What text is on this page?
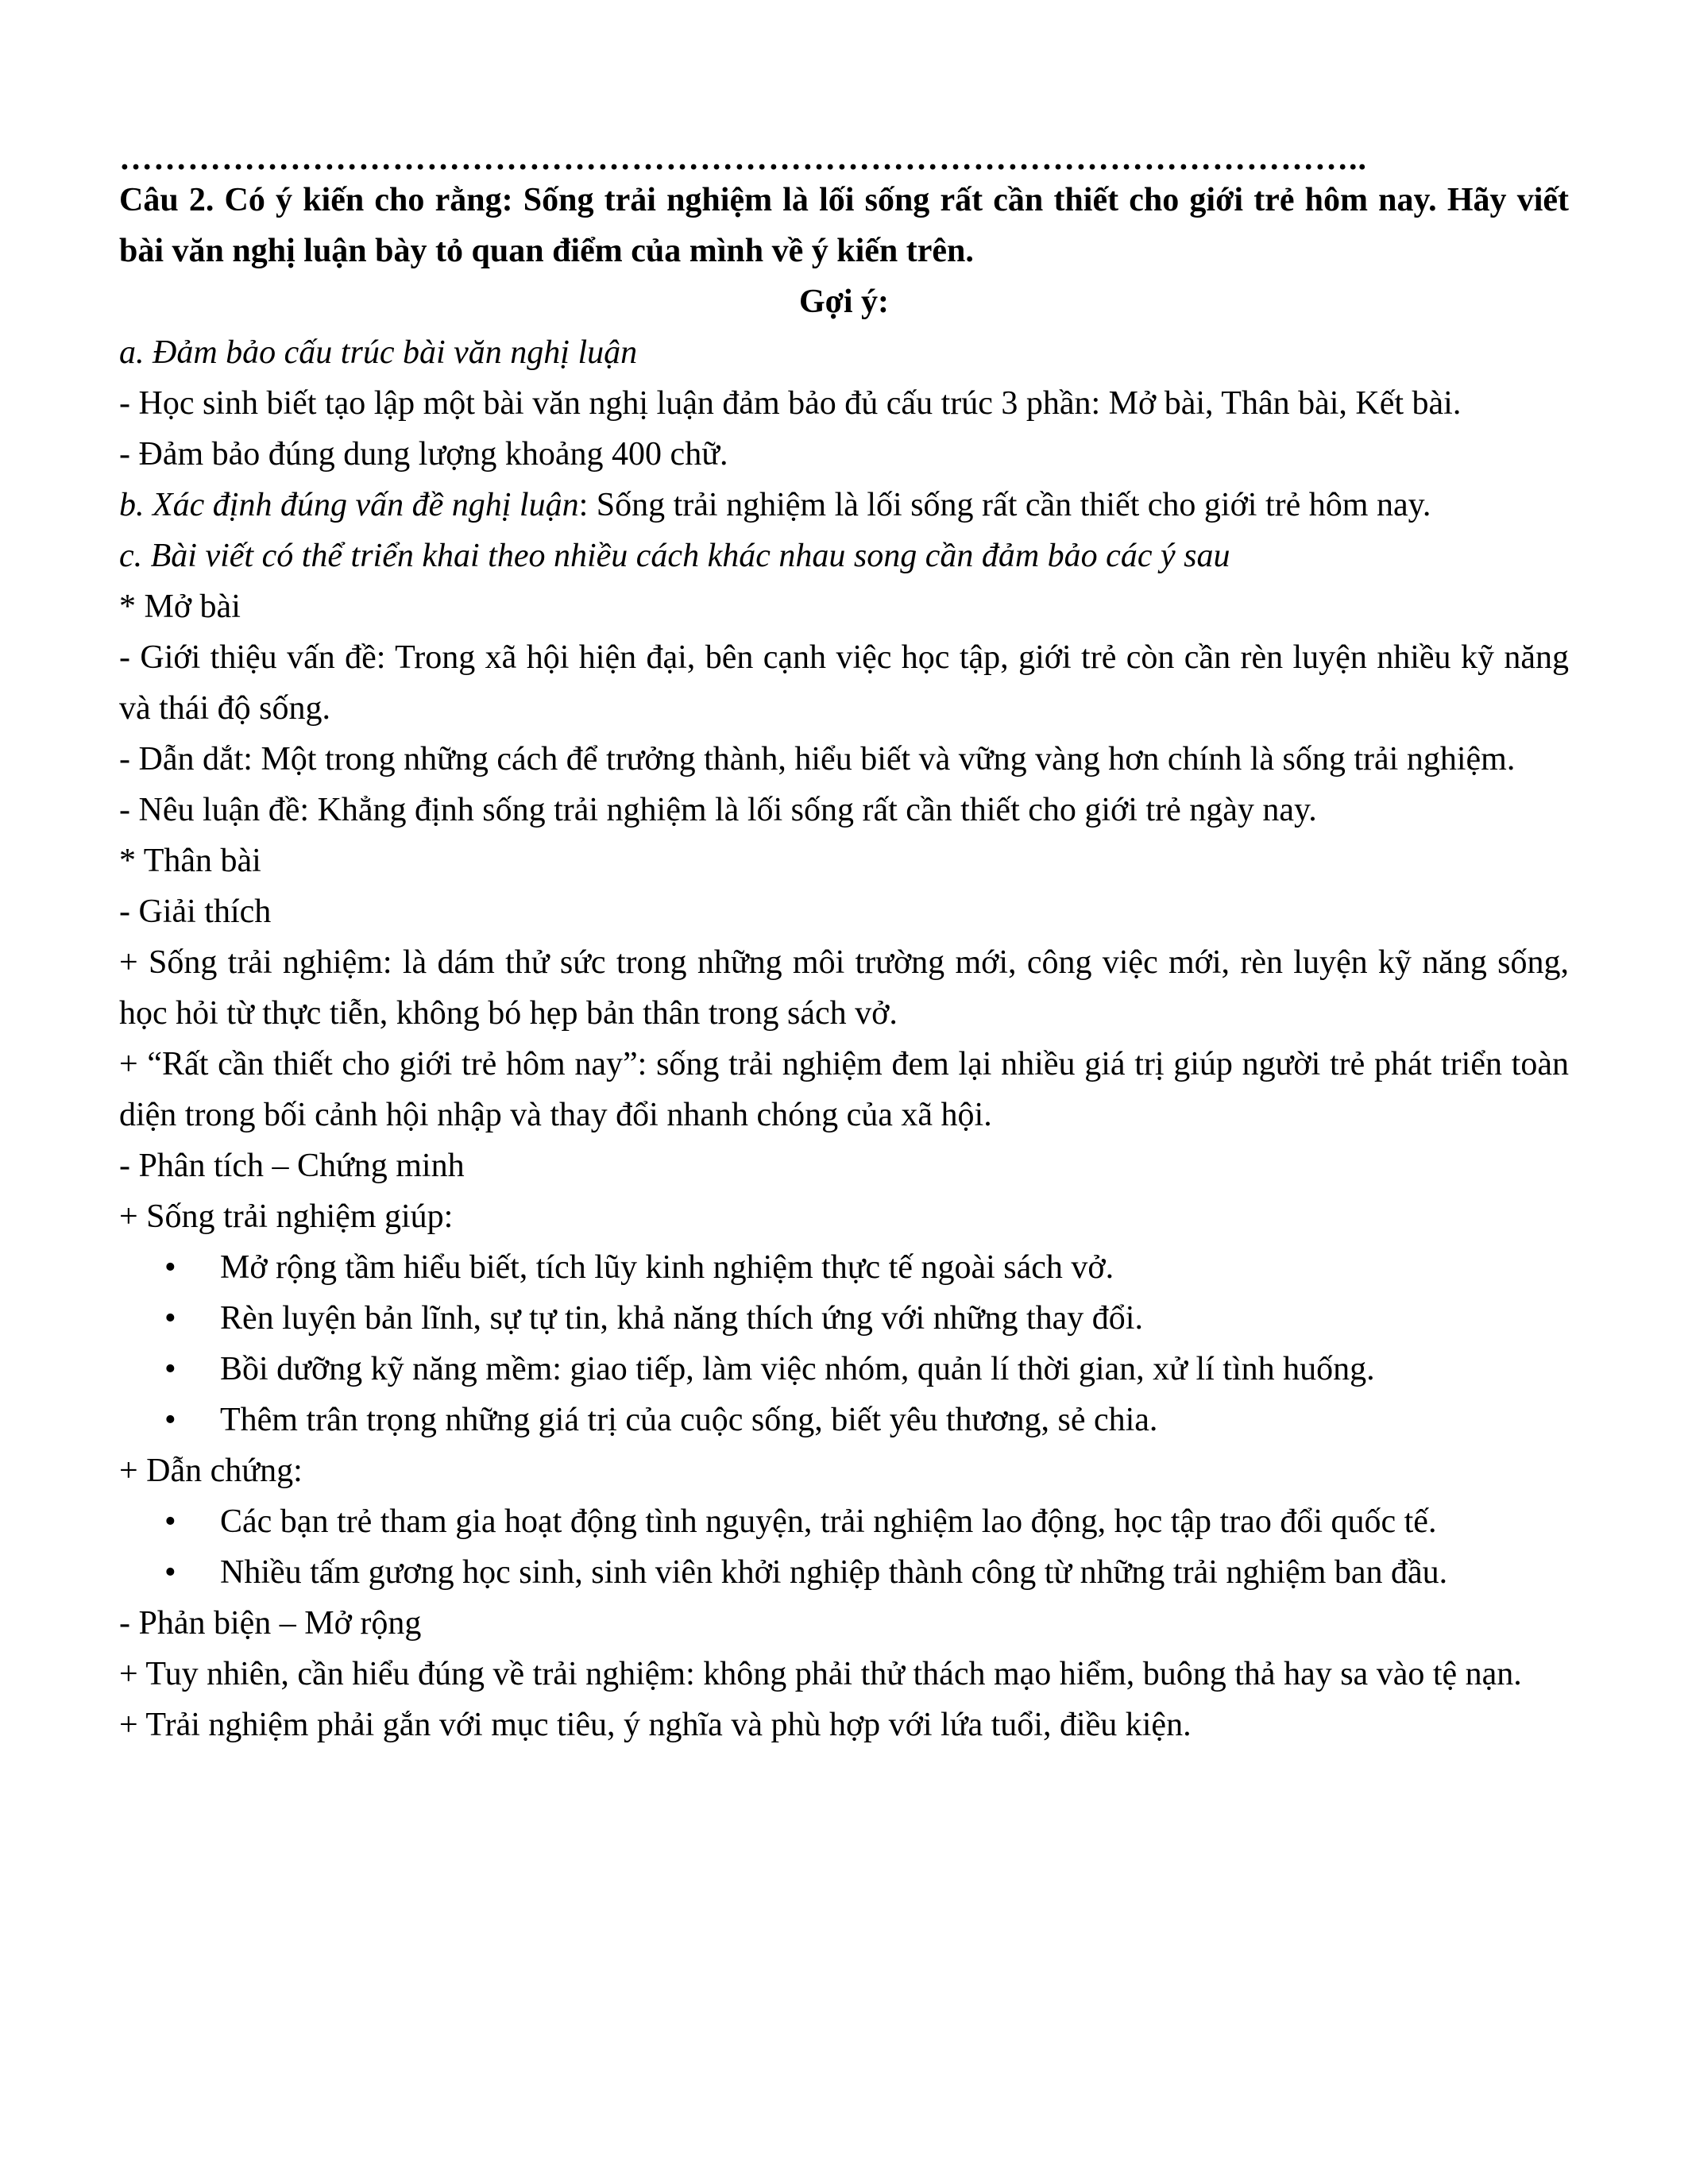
………………………………………………………………………………………………..

Câu 2. Có ý kiến cho rằng: Sống trải nghiệm là lối sống rất cần thiết cho giới trẻ hôm nay. Hãy viết bài văn nghị luận bày tỏ quan điểm của mình về ý kiến trên.

Gợi ý:

a. Đảm bảo cấu trúc bài văn nghị luận

- Học sinh biết tạo lập một bài văn nghị luận đảm bảo đủ cấu trúc 3 phần: Mở bài, Thân bài, Kết bài.

- Đảm bảo đúng dung lượng khoảng 400 chữ.

b. Xác định đúng vấn đề nghị luận: Sống trải nghiệm là lối sống rất cần thiết cho giới trẻ hôm nay.

c. Bài viết có thể triển khai theo nhiều cách khác nhau song cần đảm bảo các ý sau

* Mở bài

- Giới thiệu vấn đề: Trong xã hội hiện đại, bên cạnh việc học tập, giới trẻ còn cần rèn luyện nhiều kỹ năng và thái độ sống.

- Dẫn dắt: Một trong những cách để trưởng thành, hiểu biết và vững vàng hơn chính là sống trải nghiệm.

- Nêu luận đề: Khẳng định sống trải nghiệm là lối sống rất cần thiết cho giới trẻ ngày nay.

* Thân bài

- Giải thích

+ Sống trải nghiệm: là dám thử sức trong những môi trường mới, công việc mới, rèn luyện kỹ năng sống, học hỏi từ thực tiễn, không bó hẹp bản thân trong sách vở.

+ “Rất cần thiết cho giới trẻ hôm nay”: sống trải nghiệm đem lại nhiều giá trị giúp người trẻ phát triển toàn diện trong bối cảnh hội nhập và thay đổi nhanh chóng của xã hội.

- Phân tích – Chứng minh

+ Sống trải nghiệm giúp:

• Mở rộng tầm hiểu biết, tích lũy kinh nghiệm thực tế ngoài sách vở.
• Rèn luyện bản lĩnh, sự tự tin, khả năng thích ứng với những thay đổi.
• Bồi dưỡng kỹ năng mềm: giao tiếp, làm việc nhóm, quản lí thời gian, xử lí tình huống.
• Thêm trân trọng những giá trị của cuộc sống, biết yêu thương, sẻ chia.

+ Dẫn chứng:

• Các bạn trẻ tham gia hoạt động tình nguyện, trải nghiệm lao động, học tập trao đổi quốc tế.
• Nhiều tấm gương học sinh, sinh viên khởi nghiệp thành công từ những trải nghiệm ban đầu.

- Phản biện – Mở rộng

+ Tuy nhiên, cần hiểu đúng về trải nghiệm: không phải thử thách mạo hiểm, buông thả hay sa vào tệ nạn.

+ Trải nghiệm phải gắn với mục tiêu, ý nghĩa và phù hợp với lứa tuổi, điều kiện.
